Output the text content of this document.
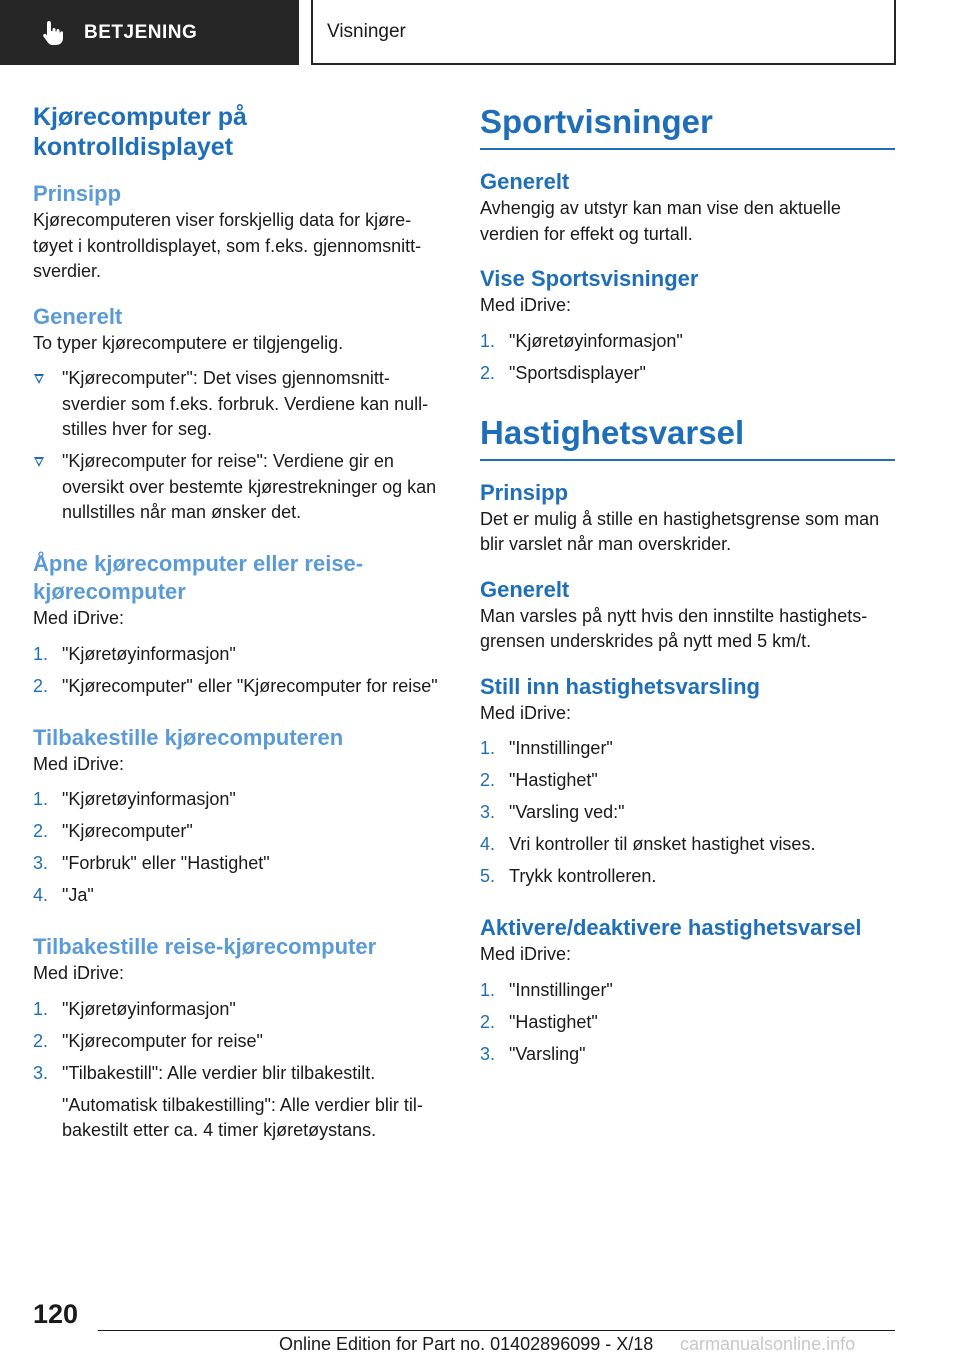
BETJENING	Visninger
Kjørecomputer på kontrolldisplayet
Prinsipp

Kjørecomputeren viser forskjellig data for kjøre- tøyet i kontrolldisplayet, som f.eks. gjennomsnitt- sverdier.

Generelt

To typer kjørecomputere er tilgjengelig.

"Kjørecomputer": Det vises gjennomsnitt- sverdier som f.eks. forbruk. Verdiene kan null- stilles hver for seg.
"Kjørecomputer for reise": Verdiene gir en oversikt over bestemte kjørestrekninger og kan nullstilles når man ønsker det.
Åpne kjørecomputer eller reise- kjørecomputer

Med iDrive:

1. "Kjøretøyinformasjon"
2. "Kjørecomputer" eller "Kjørecomputer for reise"
Tilbakestille kjørecomputeren

Med iDrive:

1. "Kjøretøyinformasjon"
2. "Kjørecomputer"
3. "Forbruk" eller "Hastighet"
4. "Ja"
Tilbakestille reise-kjørecomputer

Med iDrive:

1. "Kjøretøyinformasjon"
2. "Kjørecomputer for reise"
3. "Tilbakestill": Alle verdier blir tilbakestilt.

"Automatisk tilbakestilling": Alle verdier blir til- bakestilt etter ca. 4 timer kjøretøystans.

Sportvisninger
Generelt

Avhengig av utstyr kan man vise den aktuelle verdien for effekt og turtall.

Vise Sportsvisninger

Med iDrive:

1. "Kjøretøyinformasjon"
2. "Sportsdisplayer"
Hastighetsvarsel
Prinsipp

Det er mulig å stille en hastighetsgrense som man blir varslet når man overskrider.

Generelt

Man varsles på nytt hvis den innstilte hastighets- grensen underskrides på nytt med 5 km/t.

Still inn hastighetsvarsling

Med iDrive:

1. "Innstillinger"
2. "Hastighet"
3. "Varsling ved:"
4. Vri kontroller til ønsket hastighet vises.
5. Trykk kontrolleren.
Aktivere/deaktivere hastighetsvarsel

Med iDrive:

1. "Innstillinger"
2. "Hastighet"
3. "Varsling"
120
Online Edition for Part no. 01402896099 - X/18 carmanualsonline.info
